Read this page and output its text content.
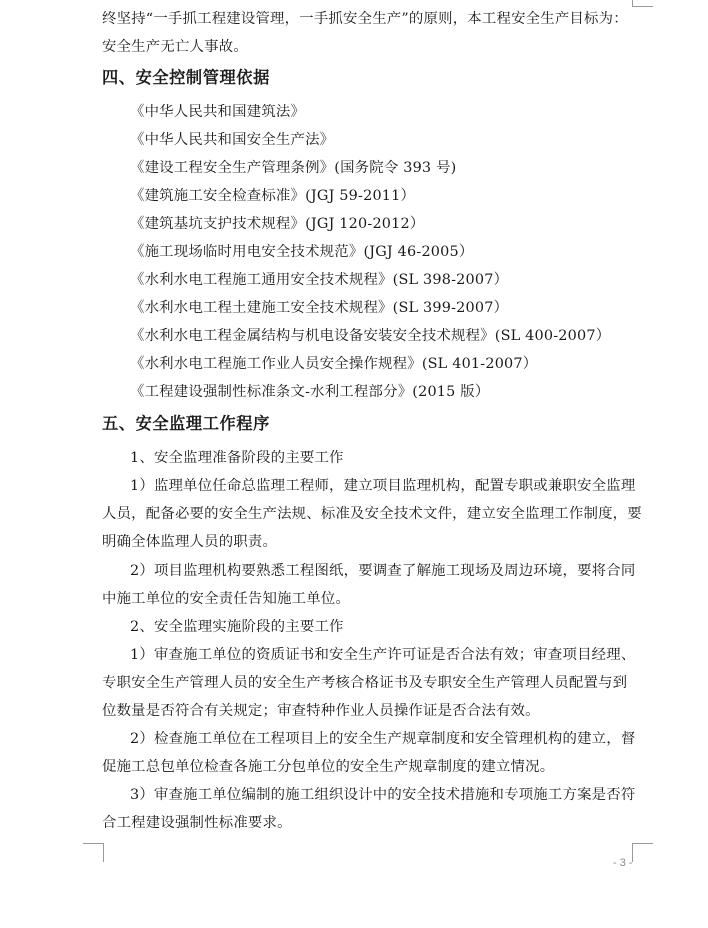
终坚持“一手抓工程建设管理，一手抓安全生产”的原则，本工程安全生产目标为：
安全生产无亡人事故。
四、安全控制管理依据
《中华人民共和国建筑法》
《中华人民共和国安全生产法》
《建设工程安全生产管理条例》(国务院令 393 号)
《建筑施工安全检查标准》(JGJ 59-2011）
《建筑基坑支护技术规程》(JGJ 120-2012）
《施工现场临时用电安全技术规范》(JGJ 46-2005）
《水利水电工程施工通用安全技术规程》(SL 398-2007）
《水利水电工程土建施工安全技术规程》(SL 399-2007）
《水利水电工程金属结构与机电设备安装安全技术规程》(SL 400-2007）
《水利水电工程施工作业人员安全操作规程》(SL 401-2007）
《工程建设强制性标准条文-水利工程部分》(2015 版）
五、安全监理工作程序
1、安全监理准备阶段的主要工作
1）监理单位任命总监理工程师，建立项目监理机构，配置专职或兼职安全监理
人员，配备必要的安全生产法规、标准及安全技术文件，建立安全监理工作制度，要
明确全体监理人员的职责。
2）项目监理机构要熟悉工程图纸，要调查了解施工现场及周边环境，要将合同
中施工单位的安全责任告知施工单位。
2、安全监理实施阶段的主要工作
1）审查施工单位的资质证书和安全生产许可证是否合法有效；审查项目经理、
专职安全生产管理人员的安全生产考核合格证书及专职安全生产管理人员配置与到
位数量是否符合有关规定；审查特种作业人员操作证是否合法有效。
2）检查施工单位在工程项目上的安全生产规章制度和安全管理机构的建立，督
促施工总包单位检查各施工分包单位的安全生产规章制度的建立情况。
3）审查施工单位编制的施工组织设计中的安全技术措施和专项施工方案是否符
合工程建设强制性标准要求。
- 3 -
